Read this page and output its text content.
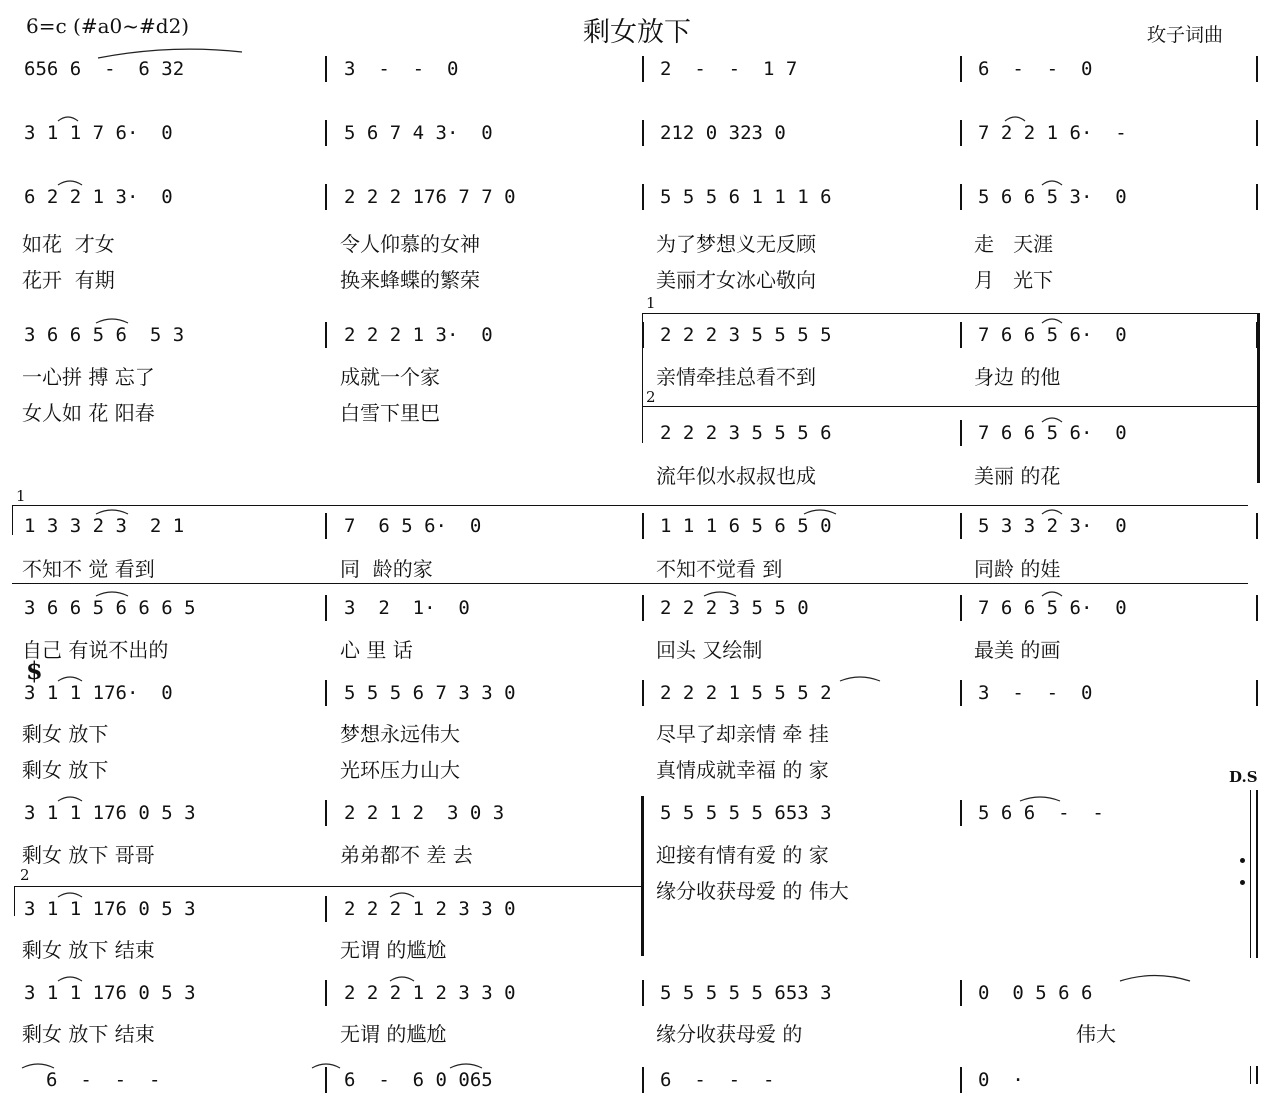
6=c (#a0~#d2)	剩女放下	玫子词曲
656 6  -  6 32	3  -  -  0	2  -  -  1 7	6  -  -  0
3 1 1 7 6·  0	5 6 7 4 3·  0	212 0 323 0	7 2 2 1 6·  -
6 2 2 1 3·  0	2 2 2 176 7 7 0	5 5 5 6 1 1 1 6	5 6 6 5 3·  0
如花  才女	令人仰慕的女神	为了梦想义无反顾	走   天涯
花开  有期	换来蜂蝶的繁荣	美丽才女冰心敬向	月   光下
3 6 6 5 6  5 3	2 2 2 1 3·  0	2 2 2 3 5 5 5 5	7 6 6 5 6·  0
一心拼 搏 忘了	成就一个家	亲情牵挂总看不到	身边 的他
女人如 花 阳春	白雪下里巴
2 2 2 3 5 5 5 6	7 6 6 5 6·  0
流年似水叔叔也成	美丽 的花
1 3 3 2 3  2 1	7  6 5 6·  0	1 1 1 6 5 6 5 0	5 3 3 2 3·  0
不知不 觉 看到	同  龄的家	不知不觉看 到	同龄 的娃
3 6 6 5 6 6 6 5	3  2  1·  0	2 2 2 3 5 5 0	7 6 6 5 6·  0
自己 有说不出的	心 里 话	回头 又绘制	最美 的画
$
3 1 1 176·  0	5 5 5 6 7 3 3 0	2 2 2 1 5 5 5 2	3  -  -  0
剩女 放下	梦想永远伟大	尽早了却亲情 牵 挂
剩女 放下	光环压力山大	真情成就幸福 的 家	D.S
3 1 1 176 0 5 3	2 2 1 2  3 0 3	5 5 5 5 5 653 3	5 6 6  -  -
剩女 放下 哥哥	弟弟都不 差 去	迎接有情有爱 的 家
缘分收获母爱 的 伟大
3 1 1 176 0 5 3	2 2 2 1 2 3 3 0
剩女 放下 结束	无谓 的尴尬
3 1 1 176 0 5 3	2 2 2 1 2 3 3 0	5 5 5 5 5 653 3	0  0 5 6 6
剩女 放下 结束	无谓 的尴尬	缘分收获母爱 的	伟大
6  -  -  -	6  -  6 0 065	6  -  -  -	0  ·
1
2
1
2
